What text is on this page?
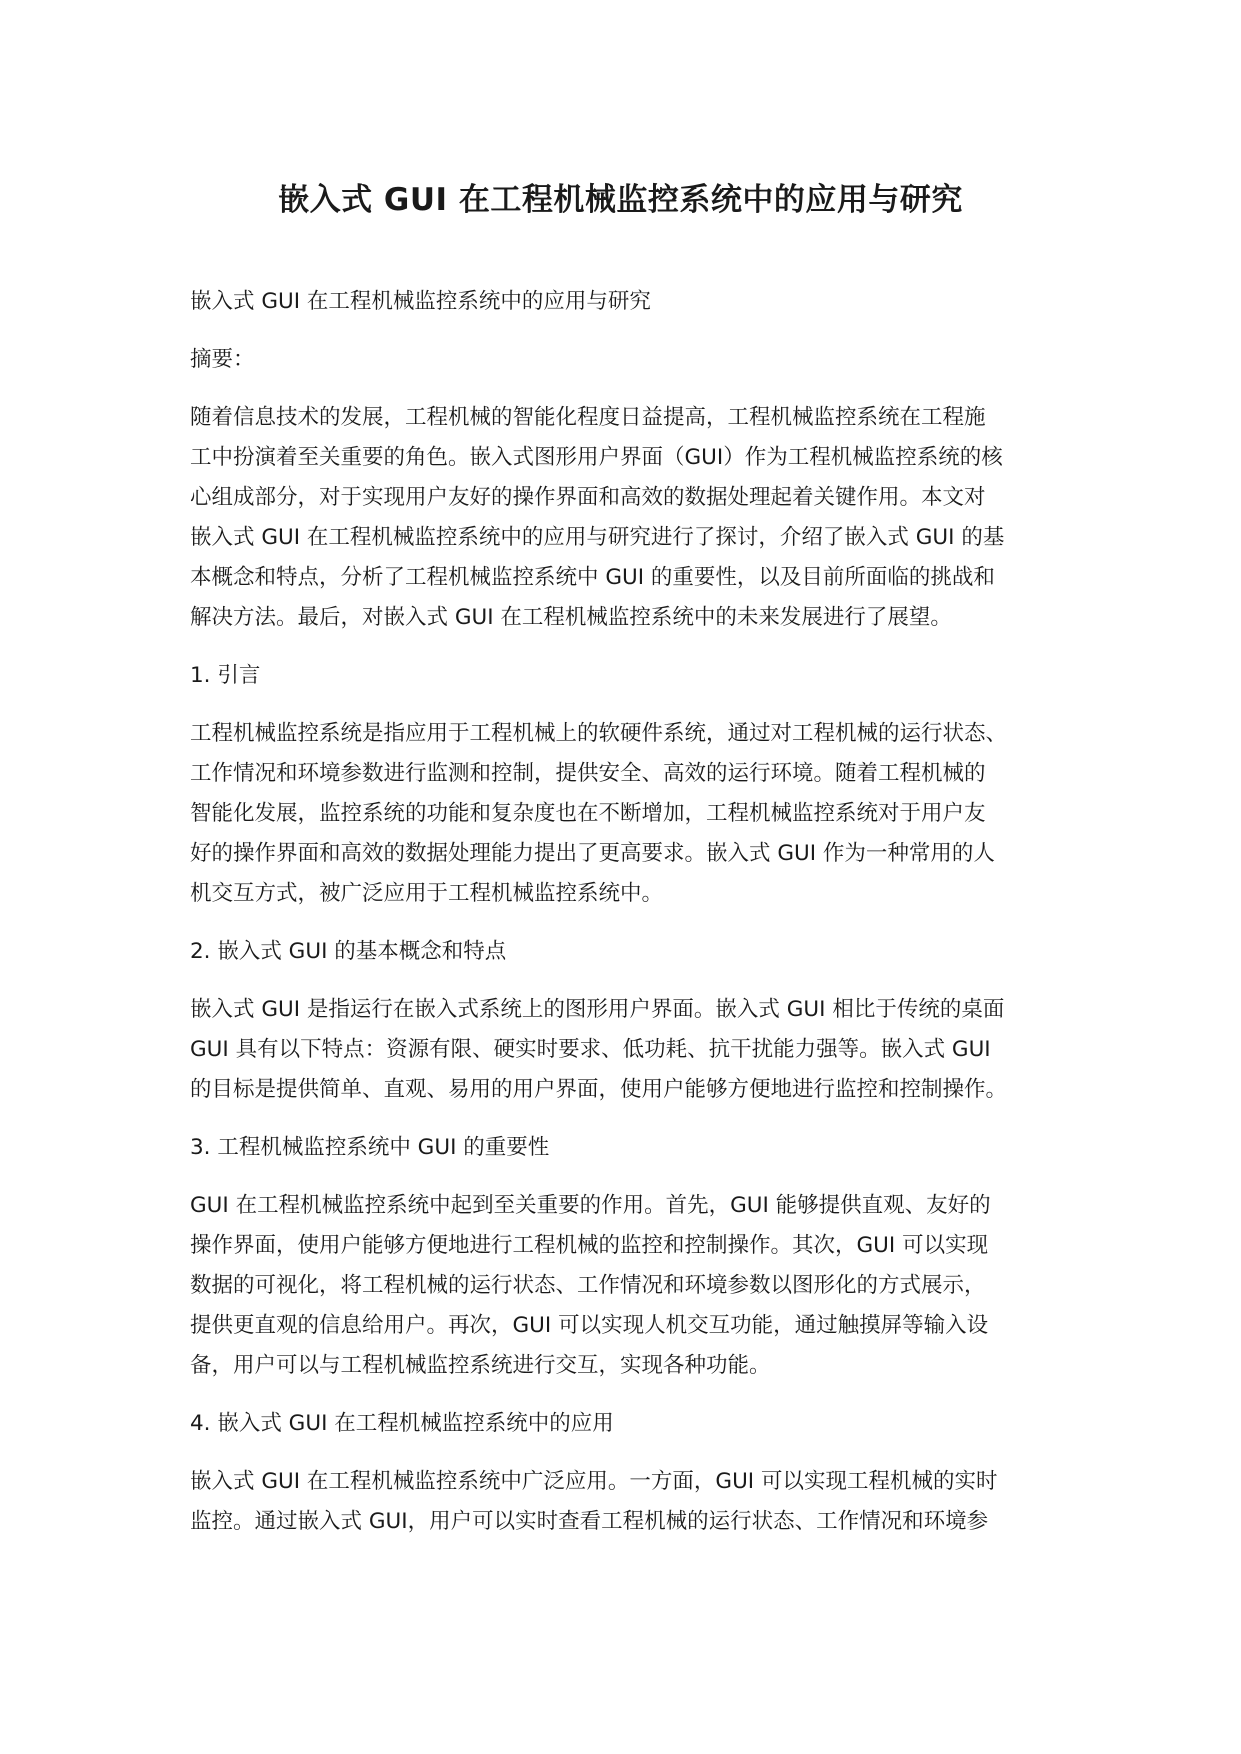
嵌入式 GUI 在工程机械监控系统中的应用与研究

嵌入式 GUI 在工程机械监控系统中的应用与研究

摘要：

随着信息技术的发展，工程机械的智能化程度日益提高，工程机械监控系统在工程施
工中扮演着至关重要的角色。嵌入式图形用户界面（GUI）作为工程机械监控系统的核
心组成部分，对于实现用户友好的操作界面和高效的数据处理起着关键作用。本文对
嵌入式 GUI 在工程机械监控系统中的应用与研究进行了探讨，介绍了嵌入式 GUI 的基
本概念和特点，分析了工程机械监控系统中 GUI 的重要性，以及目前所面临的挑战和
解决方法。最后，对嵌入式 GUI 在工程机械监控系统中的未来发展进行了展望。

1. 引言

工程机械监控系统是指应用于工程机械上的软硬件系统，通过对工程机械的运行状态、
工作情况和环境参数进行监测和控制，提供安全、高效的运行环境。随着工程机械的
智能化发展，监控系统的功能和复杂度也在不断增加，工程机械监控系统对于用户友
好的操作界面和高效的数据处理能力提出了更高要求。嵌入式 GUI 作为一种常用的人
机交互方式，被广泛应用于工程机械监控系统中。

2. 嵌入式 GUI 的基本概念和特点

嵌入式 GUI 是指运行在嵌入式系统上的图形用户界面。嵌入式 GUI 相比于传统的桌面
GUI 具有以下特点：资源有限、硬实时要求、低功耗、抗干扰能力强等。嵌入式 GUI
的目标是提供简单、直观、易用的用户界面，使用户能够方便地进行监控和控制操作。

3. 工程机械监控系统中 GUI 的重要性

GUI 在工程机械监控系统中起到至关重要的作用。首先，GUI 能够提供直观、友好的
操作界面，使用户能够方便地进行工程机械的监控和控制操作。其次，GUI 可以实现
数据的可视化，将工程机械的运行状态、工作情况和环境参数以图形化的方式展示，
提供更直观的信息给用户。再次，GUI 可以实现人机交互功能，通过触摸屏等输入设
备，用户可以与工程机械监控系统进行交互，实现各种功能。

4. 嵌入式 GUI 在工程机械监控系统中的应用

嵌入式 GUI 在工程机械监控系统中广泛应用。一方面，GUI 可以实现工程机械的实时
监控。通过嵌入式 GUI，用户可以实时查看工程机械的运行状态、工作情况和环境参
